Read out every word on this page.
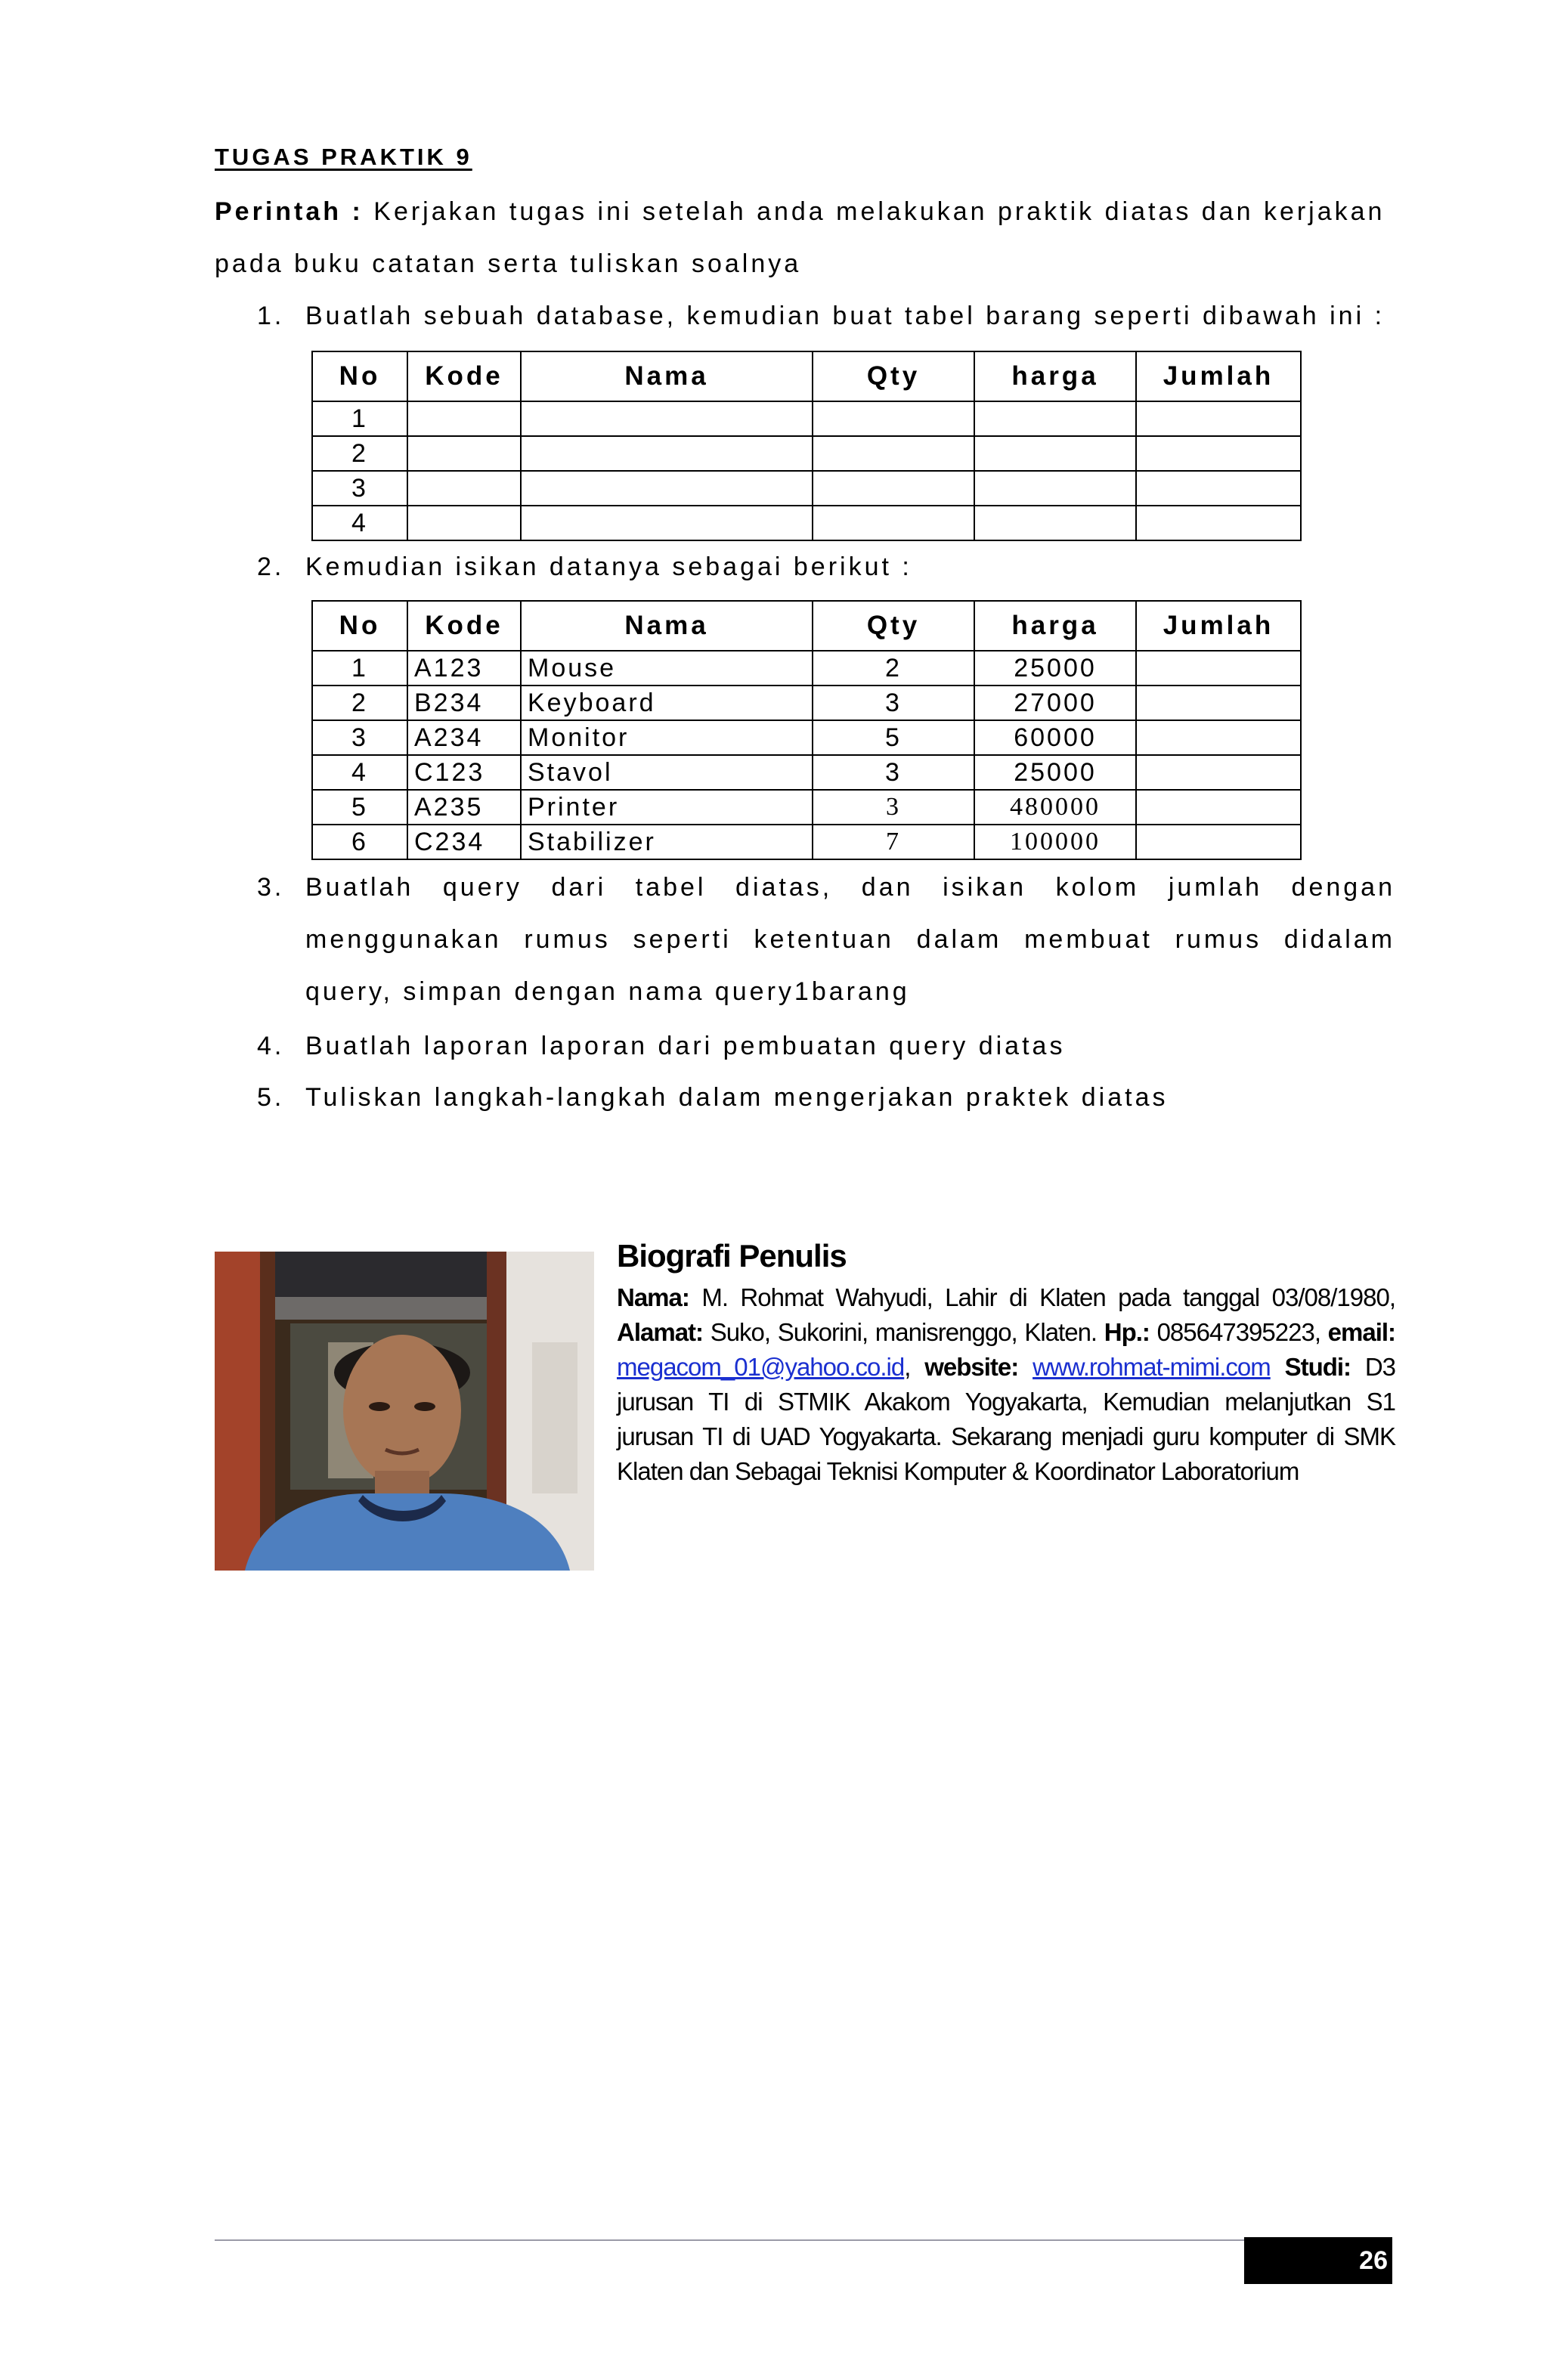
TUGAS PRAKTIK 9
Perintah : Kerjakan tugas ini setelah anda melakukan praktik diatas dan kerjakan pada buku catatan serta tuliskan soalnya
1. Buatlah sebuah database, kemudian buat tabel barang seperti dibawah ini :
No	Kode	Nama	Qty	harga	Jumlah
1					
2					
3					
4					
2. Kemudian isikan datanya sebagai berikut :
No	Kode	Nama	Qty	harga	Jumlah
1	A123	Mouse	2	25000	
2	B234	Keyboard	3	27000	
3	A234	Monitor	5	60000	
4	C123	Stavol	3	25000	
5	A235	Printer	3	480000	
6	C234	Stabilizer	7	100000	
3. Buatlah query dari tabel diatas, dan isikan kolom jumlah dengan menggunakan rumus seperti ketentuan dalam membuat rumus didalam query, simpan dengan nama query1barang
4. Buatlah laporan laporan dari pembuatan query diatas
5. Tuliskan langkah-langkah dalam mengerjakan praktek diatas
Biografi Penulis

Nama: M. Rohmat Wahyudi, Lahir di Klaten pada tanggal 03/08/1980, Alamat: Suko, Sukorini, manisrenggo, Klaten. Hp.: 085647395223, email: megacom_01@yahoo.co.id, website: www.rohmat-mimi.com Studi: D3 jurusan TI di STMIK Akakom Yogyakarta, Kemudian melanjutkan S1 jurusan TI di UAD Yogyakarta. Sekarang menjadi guru komputer di SMK Klaten dan Sebagai Teknisi Komputer & Koordinator Laboratorium

26
